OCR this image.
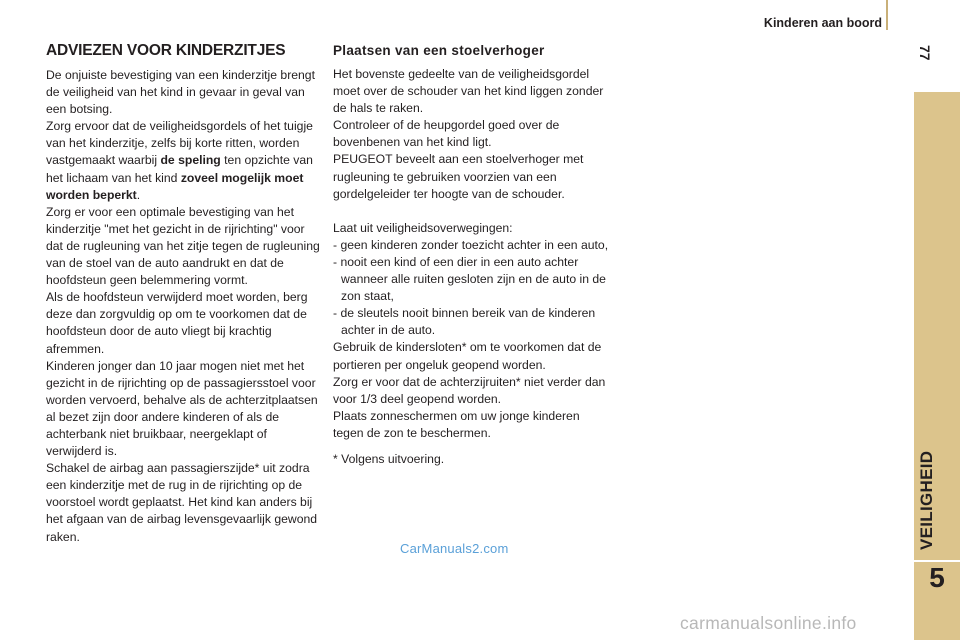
Kinderen aan boord
77
VEILIGHEID
5
ADVIEZEN VOOR KINDERZITJES

De onjuiste bevestiging van een kinderzitje brengt de veiligheid van het kind in gevaar in geval van een botsing.

Zorg ervoor dat de veiligheidsgordels of het tuigje van het kinderzitje, zelfs bij korte ritten, worden vastgemaakt waarbij de speling ten opzichte van het lichaam van het kind zoveel mogelijk moet worden beperkt.

Zorg er voor een optimale bevestiging van het kinderzitje "met het gezicht in de rijrichting" voor dat de rugleuning van het zitje tegen de rugleuning van de stoel van de auto aandrukt en dat de hoofdsteun geen belemmering vormt.

Als de hoofdsteun verwijderd moet worden, berg deze dan zorgvuldig op om te voorkomen dat de hoofdsteun door de auto vliegt bij krachtig afremmen.

Kinderen jonger dan 10 jaar mogen niet met het gezicht in de rijrichting op de passagiersstoel voor worden vervoerd, behalve als de achterzitplaatsen al bezet zijn door andere kinderen of als de achterbank niet bruikbaar, neergeklapt of verwijderd is.

Schakel de airbag aan passagierszijde* uit zodra een kinderzitje met de rug in de rijrichting op de voorstoel wordt geplaatst. Het kind kan anders bij het afgaan van de airbag levensgevaarlijk gewond raken.

Plaatsen van een stoelverhoger

Het bovenste gedeelte van de veiligheidsgordel moet over de schouder van het kind liggen zonder de hals te raken.

Controleer of de heupgordel goed over de bovenbenen van het kind ligt.

PEUGEOT beveelt aan een stoelverhoger met rugleuning te gebruiken voorzien van een gordelgeleider ter hoogte van de schouder.

Laat uit veiligheidsoverwegingen:

- geen kinderen zonder toezicht achter in een auto,

- nooit een kind of een dier in een auto achter wanneer alle ruiten gesloten zijn en de auto in de zon staat,

- de sleutels nooit binnen bereik van de kinderen achter in de auto.

Gebruik de kindersloten* om te voorkomen dat de portieren per ongeluk geopend worden.

Zorg er voor dat de achterzijruiten* niet verder dan voor 1/3 deel geopend worden.

Plaats zonneschermen om uw jonge kinderen tegen de zon te beschermen.

* Volgens uitvoering.

CarManuals2.com
carmanualsonline.info
